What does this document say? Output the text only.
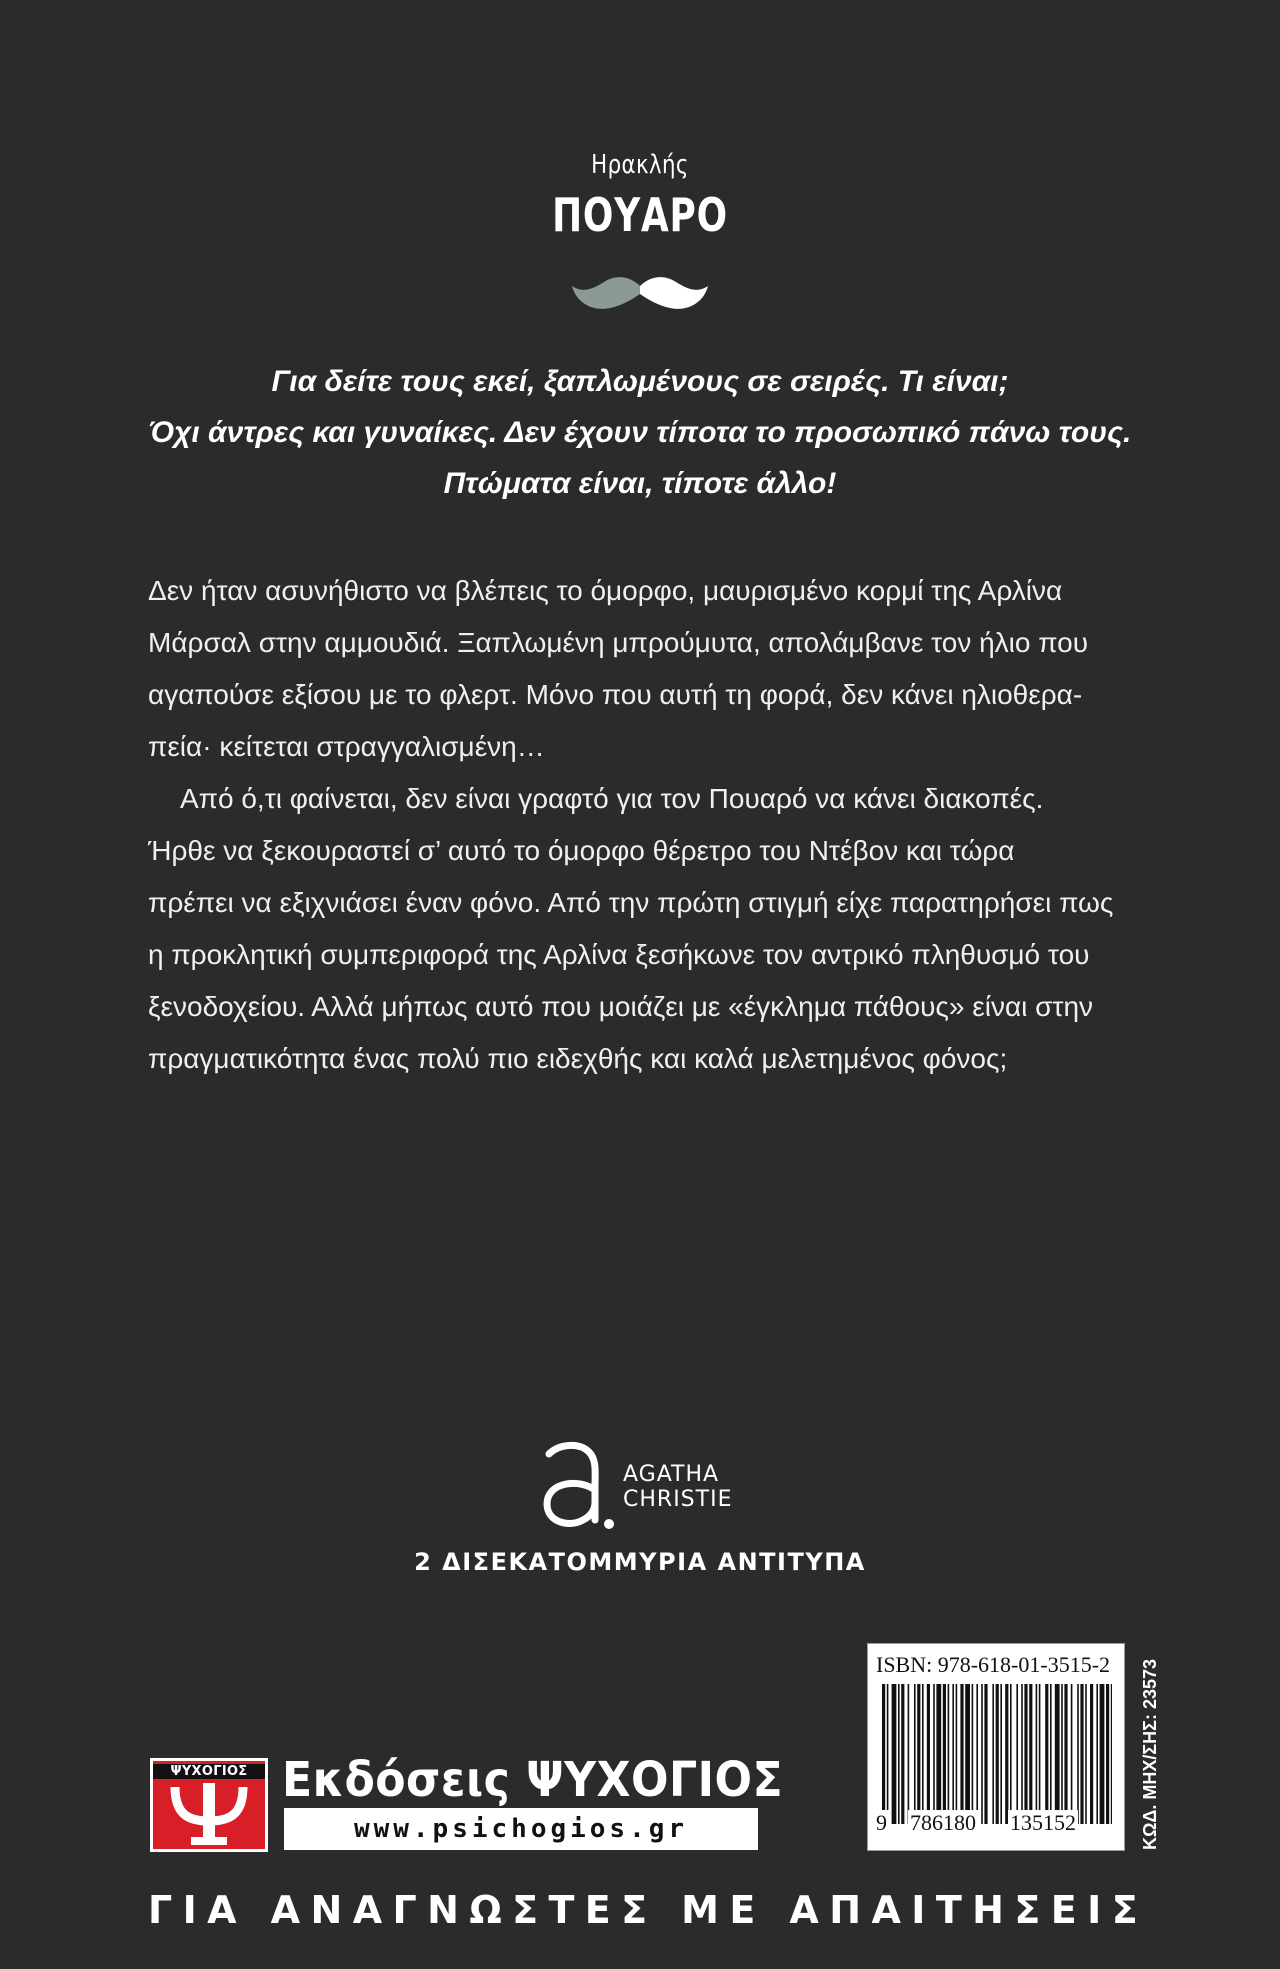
Ηρακλής
ΠΟΥΑΡΟ
Για δείτε τους εκεί, ξαπλωμένους σε σειρές. Τι είναι;
Όχι άντρες και γυναίκες. Δεν έχουν τίποτα το προσωπικό πάνω τους.
Πτώματα είναι, τίποτε άλλο!
Δεν ήταν ασυνήθιστο να βλέπεις το όμορφο, μαυρισμένο κορμί της Αρλίνα
Μάρσαλ στην αμμουδιά. Ξαπλωμένη μπρούμυτα, απολάμβανε τον ήλιο που
αγαπούσε εξίσου με το φλερτ. Μόνο που αυτή τη φορά, δεν κάνει ηλιοθερα-
πεία· κείτεται στραγγαλισμένη…
Από ό,τι φαίνεται, δεν είναι γραφτό για τον Πουαρό να κάνει διακοπές.
Ήρθε να ξεκουραστεί σ’ αυτό το όμορφο θέρετρο του Ντέβον και τώρα
πρέπει να εξιχνιάσει έναν φόνο. Από την πρώτη στιγμή είχε παρατηρήσει πως
η προκλητική συμπεριφορά της Αρλίνα ξεσήκωνε τον αντρικό πληθυσμό του
ξενοδοχείου. Αλλά μήπως αυτό που μοιάζει με «έγκλημα πάθους» είναι στην
πραγματικότητα ένας πολύ πιο ειδεχθής και καλά μελετημένος φόνος;
AGATHA
CHRISTIE
2 ΔΙΣΕΚΑΤΟΜΜΥΡΙΑ ΑΝΤΙΤΥΠΑ
ΨΥΧΟΓΙΟΣ Εκδόσεις ΨΥΧΟΓΙΟΣ
www.psichogios.gr
ISBN: 978-618-01-3515-2
9 786180 135152	ΚΩΔ. ΜΗΧ/ΣΗΣ: 23573
Γ Ι Α
Α Ν Α Γ Ν Ω Σ Τ Ε Σ
Μ Ε
Α Π Α Ι Τ Η Σ Ε Ι Σ
